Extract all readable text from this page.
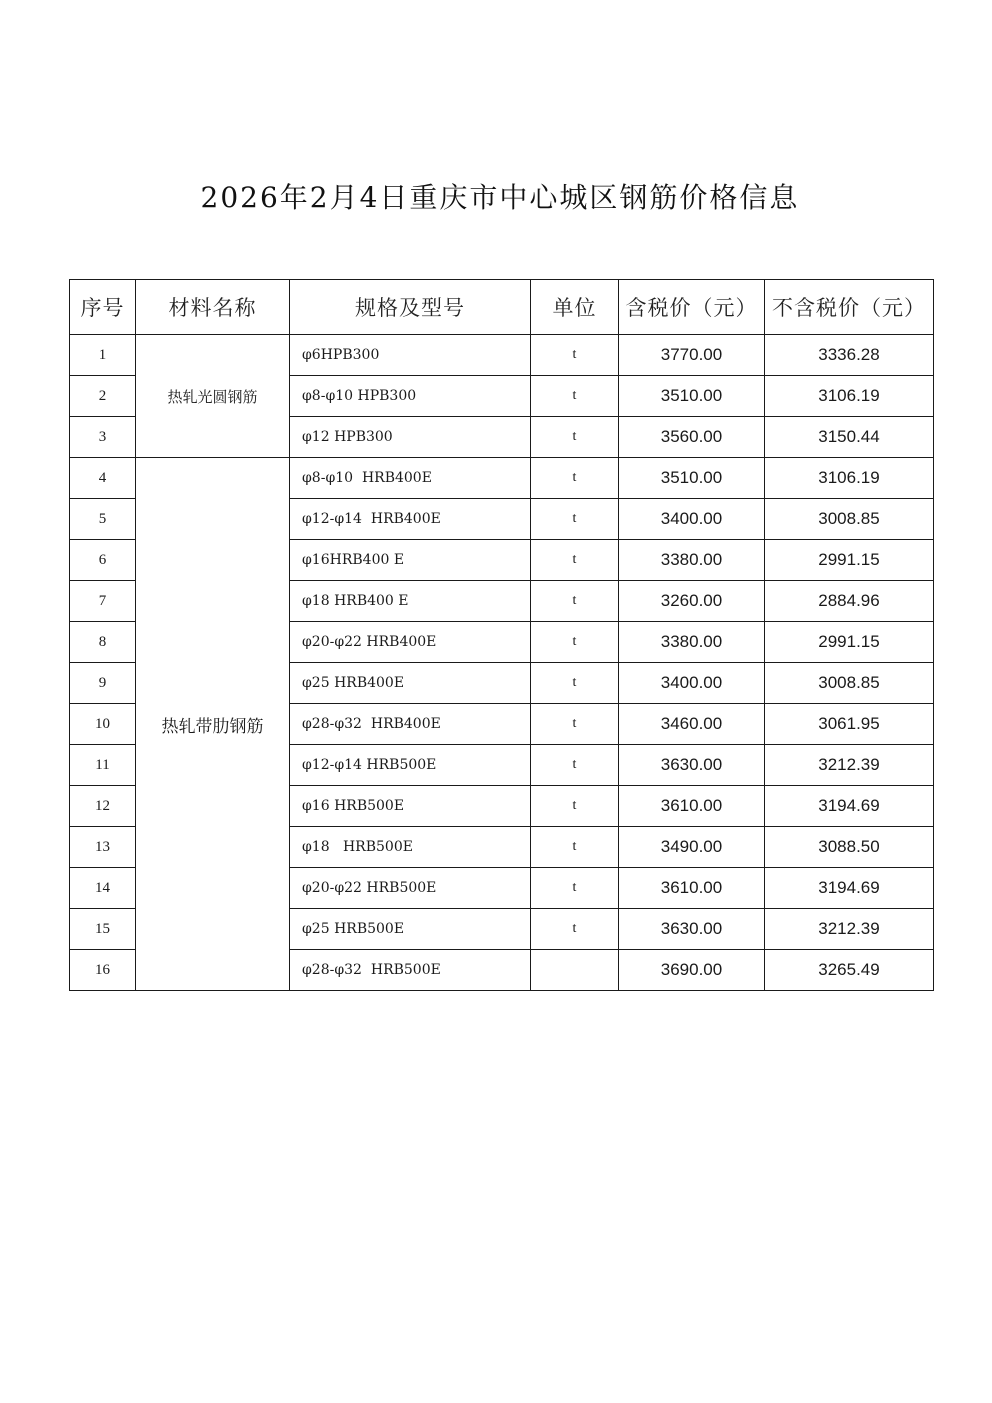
2026年2月4日重庆市中心城区钢筋价格信息
序号	材料名称	规格及型号	单位	含税价（元）	不含税价（元）
1	热轧光圆钢筋	φ6HPB300	t	3770.00	3336.28
2		φ8-φ10 HPB300	t	3510.00	3106.19
3		φ12 HPB300	t	3560.00	3150.44
4	热轧带肋钢筋	φ8-φ10  HRB400E	t	3510.00	3106.19
5		φ12-φ14  HRB400E	t	3400.00	3008.85
6		φ16HRB400 E	t	3380.00	2991.15
7		φ18 HRB400 E	t	3260.00	2884.96
8		φ20-φ22 HRB400E	t	3380.00	2991.15
9		φ25 HRB400E	t	3400.00	3008.85
10		φ28-φ32  HRB400E	t	3460.00	3061.95
11		φ12-φ14 HRB500E	t	3630.00	3212.39
12		φ16 HRB500E	t	3610.00	3194.69
13		φ18   HRB500E	t	3490.00	3088.50
14		φ20-φ22 HRB500E	t	3610.00	3194.69
15		φ25 HRB500E	t	3630.00	3212.39
16		φ28-φ32  HRB500E		3690.00	3265.49
